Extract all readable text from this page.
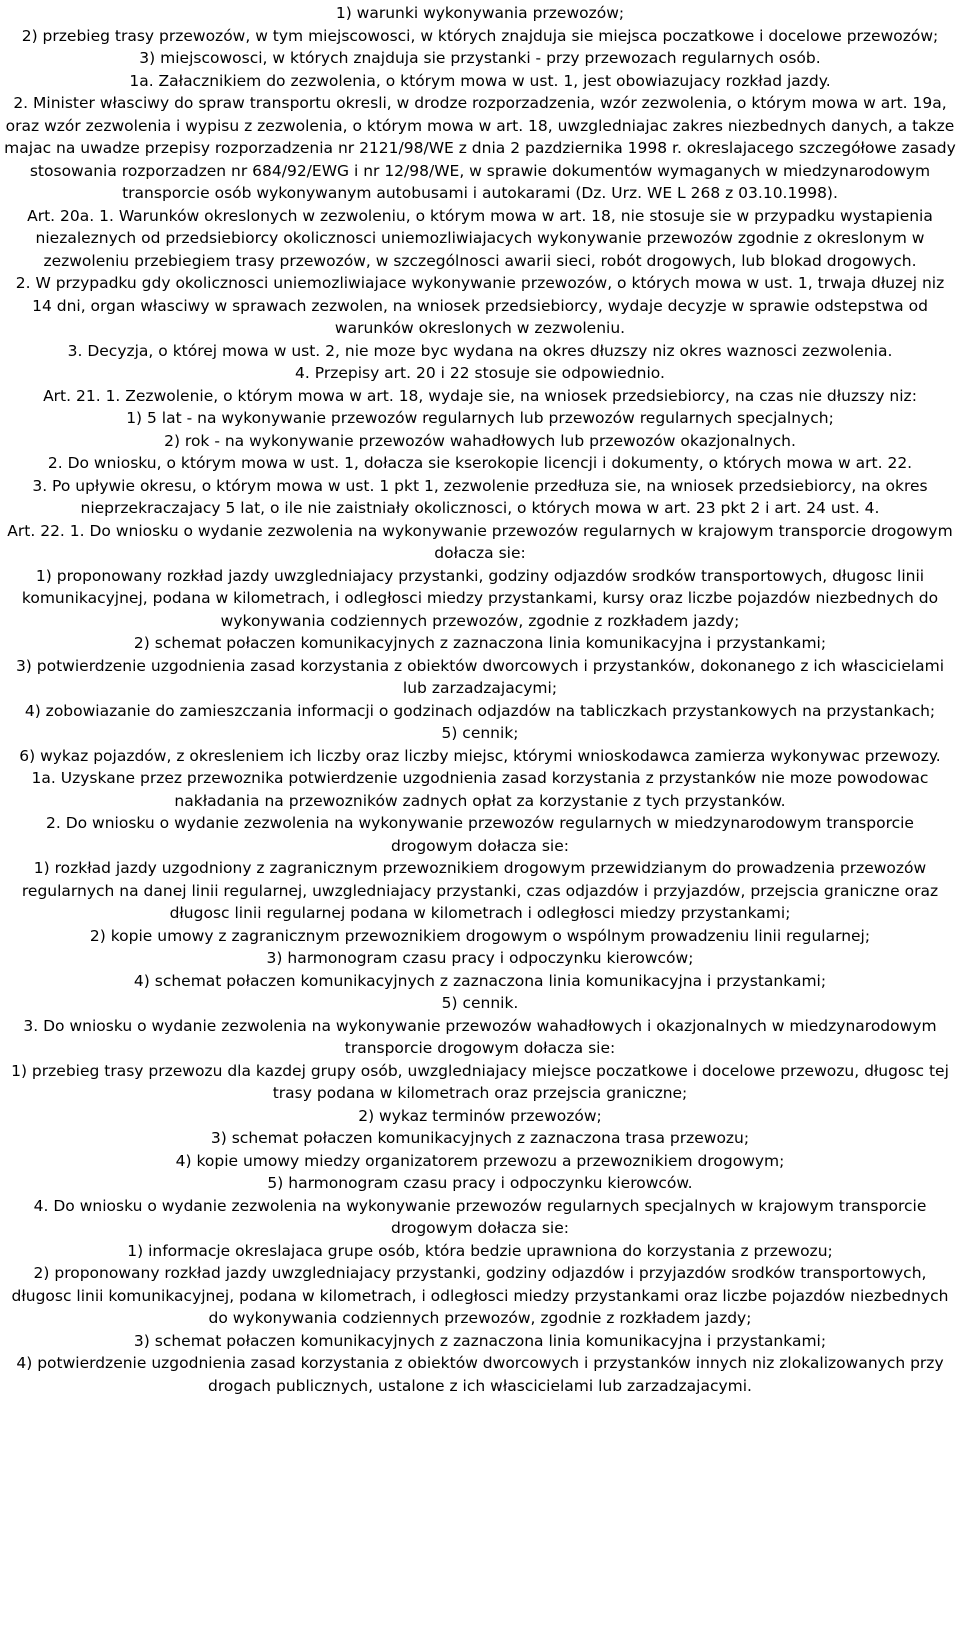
1) warunki wykonywania przewozów;

2) przebieg trasy przewozów, w tym miejscowosci, w których znajduja sie miejsca poczatkowe i docelowe przewozów;

3) miejscowosci, w których znajduja sie przystanki - przy przewozach regularnych osób.

1a. Załacznikiem do zezwolenia, o którym mowa w ust. 1, jest obowiazujacy rozkład jazdy.

2. Minister własciwy do spraw transportu okresli, w drodze rozporzadzenia, wzór zezwolenia, o którym mowa w art. 19a, oraz wzór zezwolenia i wypisu z zezwolenia, o którym mowa w art. 18, uwzgledniajac zakres niezbednych danych, a takze majac na uwadze przepisy rozporzadzenia nr 2121/98/WE z dnia 2 pazdziernika 1998 r. okreslajacego szczegółowe zasady stosowania rozporzadzen nr 684/92/EWG i nr 12/98/WE, w sprawie dokumentów wymaganych w miedzynarodowym transporcie osób wykonywanym autobusami i autokarami (Dz. Urz. WE L 268 z 03.10.1998).

Art. 20a. 1. Warunków okreslonych w zezwoleniu, o którym mowa w art. 18, nie stosuje sie w przypadku wystapienia niezaleznych od przedsiebiorcy okolicznosci uniemozliwiajacych wykonywanie przewozów zgodnie z okreslonym w zezwoleniu przebiegiem trasy przewozów, w szczególnosci awarii sieci, robót drogowych, lub blokad drogowych.

2. W przypadku gdy okolicznosci uniemozliwiajace wykonywanie przewozów, o których mowa w ust. 1, trwaja dłuzej niz 14 dni, organ własciwy w sprawach zezwolen, na wniosek przedsiebiorcy, wydaje decyzje w sprawie odstepstwa od warunków okreslonych w zezwoleniu.

3. Decyzja, o której mowa w ust. 2, nie moze byc wydana na okres dłuzszy niz okres waznosci zezwolenia.

4. Przepisy art. 20 i 22 stosuje sie odpowiednio.

Art. 21. 1. Zezwolenie, o którym mowa w art. 18, wydaje sie, na wniosek przedsiebiorcy, na czas nie dłuzszy niz:

1) 5 lat - na wykonywanie przewozów regularnych lub przewozów regularnych specjalnych;

2) rok - na wykonywanie przewozów wahadłowych lub przewozów okazjonalnych.

2. Do wniosku, o którym mowa w ust. 1, dołacza sie kserokopie licencji i dokumenty, o których mowa w art. 22.

3. Po upływie okresu, o którym mowa w ust. 1 pkt 1, zezwolenie przedłuza sie, na wniosek przedsiebiorcy, na okres nieprzekraczajacy 5 lat, o ile nie zaistniały okolicznosci, o których mowa w art. 23 pkt 2 i art. 24 ust. 4.

Art. 22. 1. Do wniosku o wydanie zezwolenia na wykonywanie przewozów regularnych w krajowym transporcie drogowym dołacza sie:

1) proponowany rozkład jazdy uwzgledniajacy przystanki, godziny odjazdów srodków transportowych, długosc linii komunikacyjnej, podana w kilometrach, i odległosci miedzy przystankami, kursy oraz liczbe pojazdów niezbednych do wykonywania codziennych przewozów, zgodnie z rozkładem jazdy;

2) schemat połaczen komunikacyjnych z zaznaczona linia komunikacyjna i przystankami;

3) potwierdzenie uzgodnienia zasad korzystania z obiektów dworcowych i przystanków, dokonanego z ich włascicielami lub zarzadzajacymi;

4) zobowiazanie do zamieszczania informacji o godzinach odjazdów na tabliczkach przystankowych na przystankach;

5) cennik;

6) wykaz pojazdów, z okresleniem ich liczby oraz liczby miejsc, którymi wnioskodawca zamierza wykonywac przewozy.

1a. Uzyskane przez przewoznika potwierdzenie uzgodnienia zasad korzystania z przystanków nie moze powodowac nakładania na przewozników zadnych opłat za korzystanie z tych przystanków.

2. Do wniosku o wydanie zezwolenia na wykonywanie przewozów regularnych w miedzynarodowym transporcie drogowym dołacza sie:

1) rozkład jazdy uzgodniony z zagranicznym przewoznikiem drogowym przewidzianym do prowadzenia przewozów regularnych na danej linii regularnej, uwzgledniajacy przystanki, czas odjazdów i przyjazdów, przejscia graniczne oraz długosc linii regularnej podana w kilometrach i odległosci miedzy przystankami;

2) kopie umowy z zagranicznym przewoznikiem drogowym o wspólnym prowadzeniu linii regularnej;

3) harmonogram czasu pracy i odpoczynku kierowców;

4) schemat połaczen komunikacyjnych z zaznaczona linia komunikacyjna i przystankami;

5) cennik.

3. Do wniosku o wydanie zezwolenia na wykonywanie przewozów wahadłowych i okazjonalnych w miedzynarodowym transporcie drogowym dołacza sie:

1) przebieg trasy przewozu dla kazdej grupy osób, uwzgledniajacy miejsce poczatkowe i docelowe przewozu, długosc tej trasy podana w kilometrach oraz przejscia graniczne;

2) wykaz terminów przewozów;

3) schemat połaczen komunikacyjnych z zaznaczona trasa przewozu;

4) kopie umowy miedzy organizatorem przewozu a przewoznikiem drogowym;

5) harmonogram czasu pracy i odpoczynku kierowców.

4. Do wniosku o wydanie zezwolenia na wykonywanie przewozów regularnych specjalnych w krajowym transporcie drogowym dołacza sie:

1) informacje okreslajaca grupe osób, która bedzie uprawniona do korzystania z przewozu;

2) proponowany rozkład jazdy uwzgledniajacy przystanki, godziny odjazdów i przyjazdów srodków transportowych, długosc linii komunikacyjnej, podana w kilometrach, i odległosci miedzy przystankami oraz liczbe pojazdów niezbednych do wykonywania codziennych przewozów, zgodnie z rozkładem jazdy;

3) schemat połaczen komunikacyjnych z zaznaczona linia komunikacyjna i przystankami;

4) potwierdzenie uzgodnienia zasad korzystania z obiektów dworcowych i przystanków innych niz zlokalizowanych przy drogach publicznych, ustalone z ich włascicielami lub zarzadzajacymi.
